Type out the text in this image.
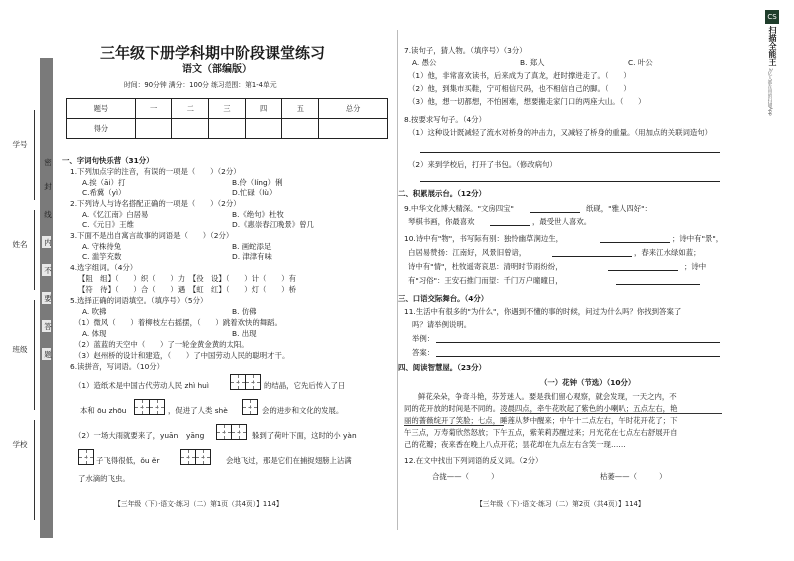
密
封
线
内
不
要
答
题
学号
姓名
班级
学校
三年级下册学科期中阶段课堂练习
语文（部编版）
时间：90分钟 满分：100分 练习范围：第1-4单元
题号	一	二	三	四	五	总分
得分						
一、字词句快乐营（31分）
1.下列加点字的注音，有误的一项是（　　）（2分）
A.挨（āi）打	B.伶（líng）俐
C.希冀（yì）	D.忙碌（lù）
2.下列诗人与诗名搭配正确的一项是（　　）（2分）
A.《忆江南》白居易	B.《绝句》杜牧
C.《元日》王维	D.《惠崇春江晚景》曾几
3.下面不是出自寓言故事的词语是（　　）（2分）
A. 守株待兔	B. 画蛇添足
C. 滥竽充数	D. 津津有味
4.选字组词。（4分）
【阻　组】（　　）织（　　）力　【役　设】（　　）计（　　）有
【符　待】（　　）合（　　）遇　【虹　红】（　　）灯（　　）桥
5.选择正确的词语填空。（填序号）（5分）
A. 吹拂	B. 仿佛
（1）微风（　　）着柳枝左右摇摆，（　　）跳着欢快的舞蹈。
A. 体现	B. 出现
（2）蓝蓝的天空中（　　）了一轮金黄金黄的太阳。
（3）赵州桥的设计和建造，（　　）了中国劳动人民的聪明才干。
6.读拼音，写词语。（10分）
（1）造纸术是中国古代劳动人民 zhì huì	的结晶，它先后传入了日
本和 ōu zhōu	，促进了人类 shè	会的进步和文化的发展。
（2）一场大雨就要来了，yuān yāng	躲到了荷叶下面，这时的小 yàn
子飞得很低，ǒu ěr	会地飞过，那是它们在捕捉翅膀上沾满
了水滴的飞虫。
【三年级（下）·语文·练习（二）第1页（共4页）】114】
7.读句子，猜人物。（填序号）（3分）
A. 愚公	B. 郑人	C. 叶公
（1）他，非常喜欢读书，后来成为了真龙，赶时撑进走了。（　　）
（2）他，到集市买鞋，宁可相信尺码，也不相信自己的脚。（　　）
（3）他，想一切都想，不怕困难，想要搬走家门口的两座大山。（　　）
8.按要求写句子。（4分）
（1）这种设计既减轻了流水对桥身的冲击力，又减轻了桥身的重量。（用加点的关联词造句）
（2）来到学校后，打开了书包。（修改病句）
二、积累展示台。（12分）
9.中华文化博大精深。"文房四宝"	纸砚，"雅人四好"：
琴棋书画，你最喜欢	，最受世人喜欢。
10.诗中有"物"，书写际有别：独怜幽草涧边生，	；诗中有"景"，
白居易赞扬：江南好，风景旧曾谙，	，春来江水绿如蓝；
诗中有"情"，杜牧遥寄哀思：清明时节雨纷纷，	；诗中
有"习俗"：王安石推门而望：千门万户曈曈日，
三、口语交际舞台。（4分）
11.生活中有很多的"为什么"，你遇到不懂的事的时候，问过为什么吗？你找到答案了
吗？请举例说明。
举例：
答案：
四、阅读智慧屋。（23分）
（一）花钟（节选）（10分）
鲜花朵朵，争奇斗艳，芬芳迷人。要是我们留心观察，就会发现，一天之内，不
同的花开放的时间是不同的。凌晨四点，牵牛花吹起了紫色的小喇叭；五点左右，艳
丽的蔷薇绽开了笑脸；七点，睡莲从梦中醒来；中午十二点左右，午时花开花了；下
午三点，万寿菊欣然怒放；下午五点，紫茉莉苏醒过来；月光花在七点左右舒展开自
己的花瓣；夜来香在晚上八点开花；昙花却在九点左右含笑一现……
12.在文中找出下列词语的反义词。（2分）
合拢——（　　　）	枯萎——（　　　）
【三年级（下）·语文·练习（二）第2页（共4页）】114】
CS
扫描全能王
3亿人都在用的扫描App
